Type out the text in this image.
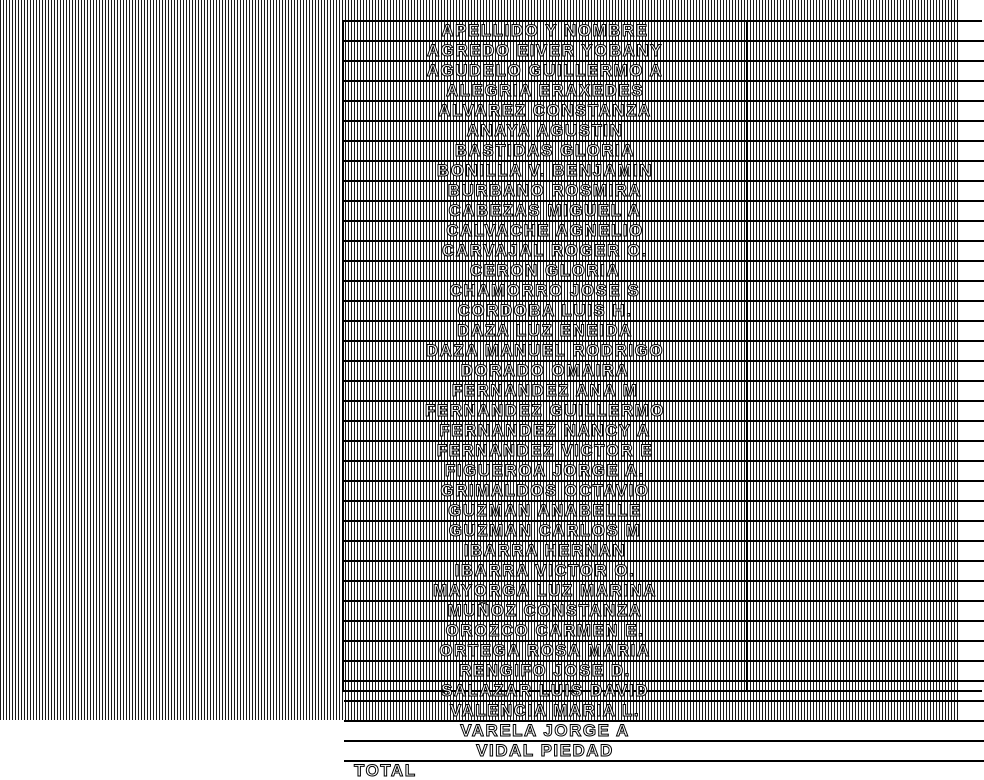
APELLIDO Y NOMBRE
AGREDO EIVER YOBANY
AGUDELO GUILLERMO A
ALEGRIA ERAXEDES
ALVAREZ CONSTANZA
ANAYA AGUSTIN
BASTIDAS GLORIA
BONILLA V. BENJAMIN
BURBANO ROSMIRA
CABEZAS MIGUEL A
CALVACHE AGNELIO
CARVAJAL ROGER O.
CERON GLORIA
CHAMORRO JOSE S
CORDOBA LUIS H.
DAZA LUZ ENEIDA
DAZA MANUEL RODRIGO
DORADO OMAIRA
FERNANDEZ ANA M
FERNANDEZ GUILLERMO
FERNANDEZ NANCY A
FERNANDEZ VICTOR E
FIGUEROA JORGE A.
GRIMALDOS OCTAVIO
GUZMAN ANABELLE
GUZMAN CARLOS M
IBARRA HERNAN
IBARRA VICTOR O.
MAYORGA LUZ MARINA
MUÑOZ CONSTANZA
OROZCO CARMEN E.
ORTEGA ROSA MARIA
RENGIFO JOSE D.
SALAZAR LUIS DAVID
VALENCIA MARIA L.
VARELA JORGE A
VIDAL PIEDAD
TOTAL
